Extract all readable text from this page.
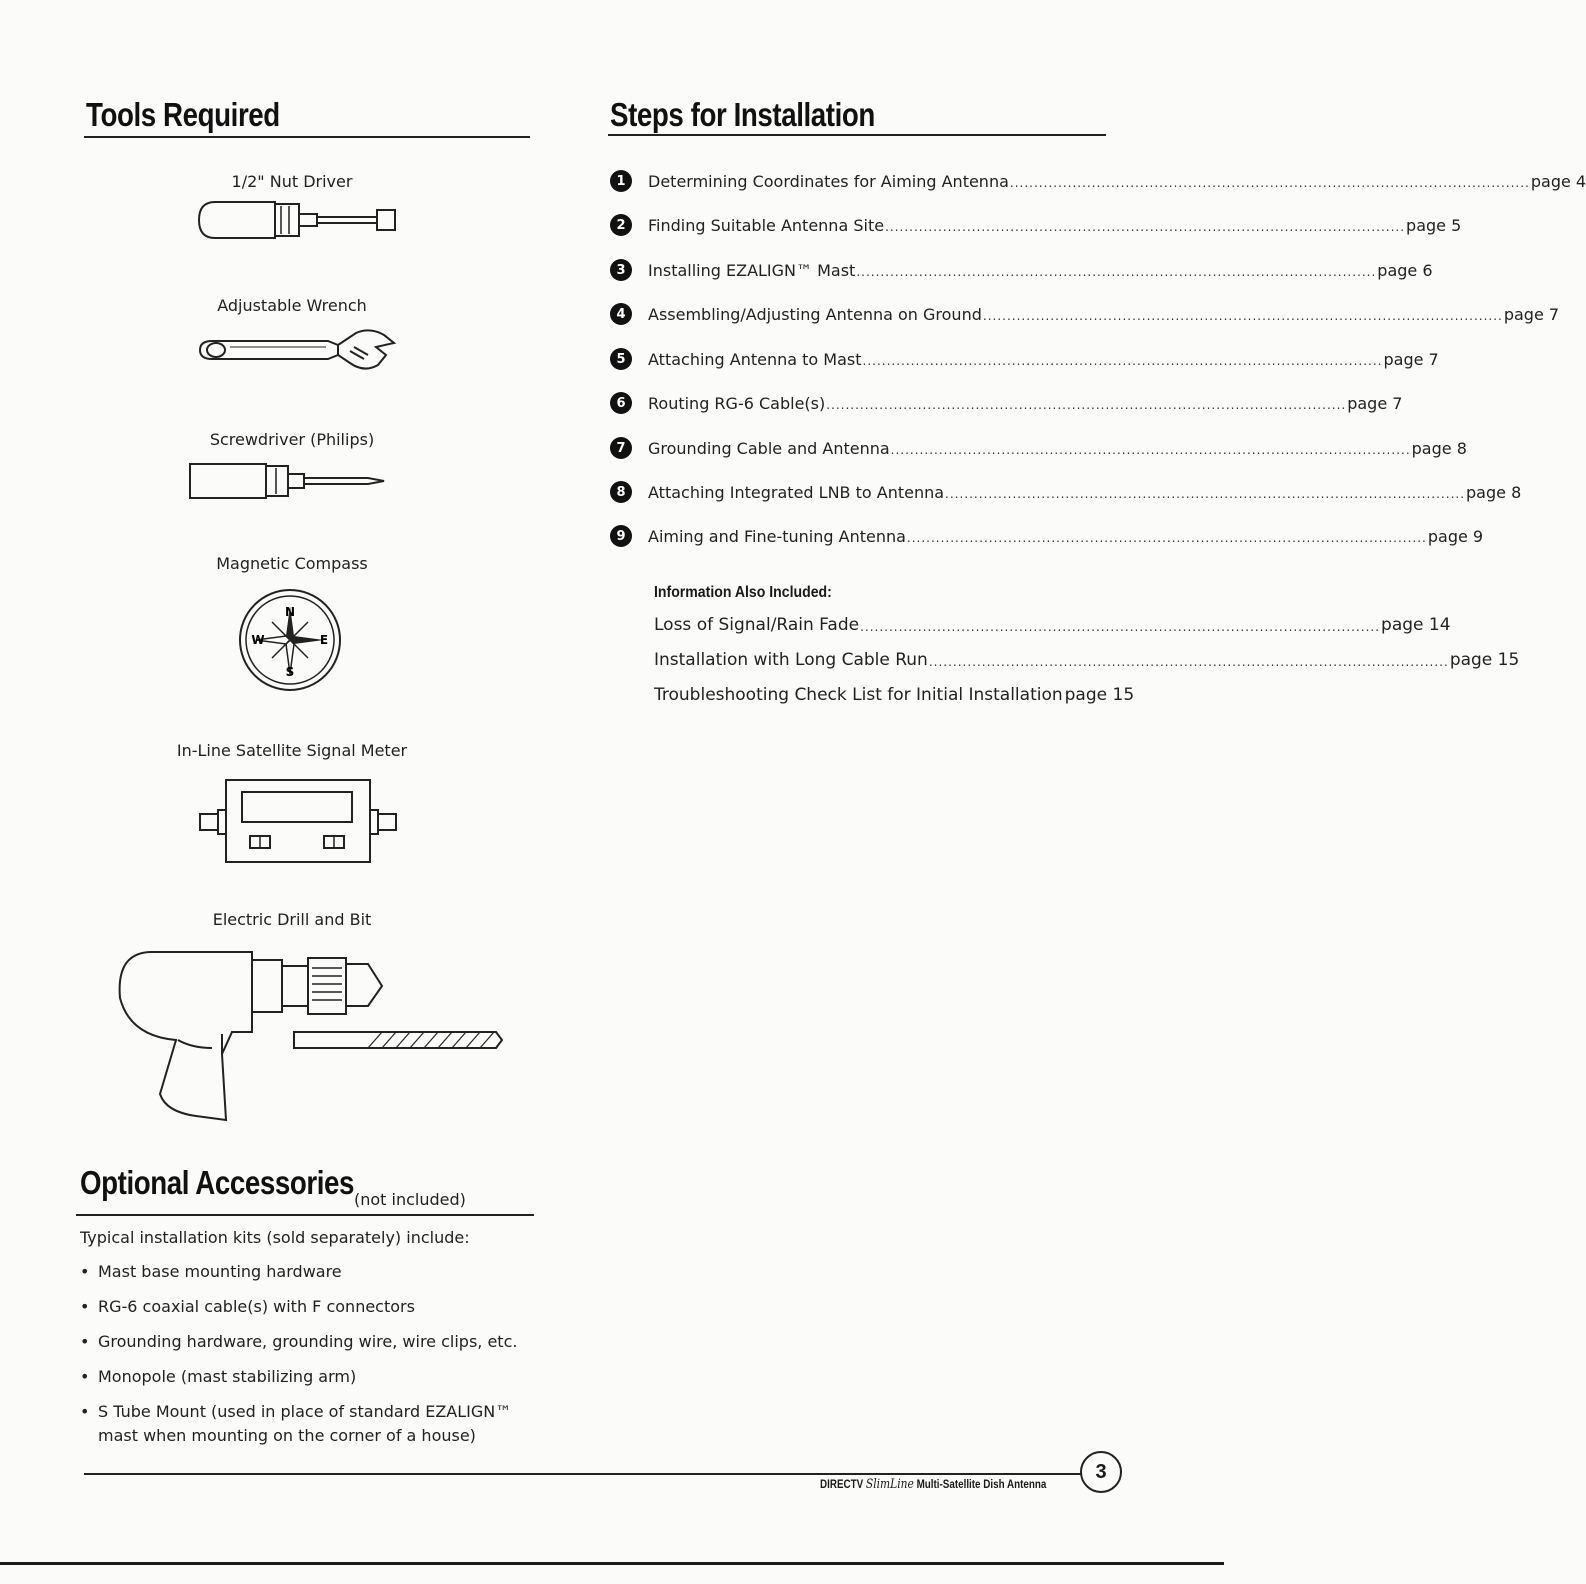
Tools Required
1/2" Nut Driver
Adjustable Wrench
Screwdriver (Philips)
Magnetic Compass
N
S
E
W
In-Line Satellite Signal Meter
Electric Drill and Bit
Steps for Installation
1	Determining Coordinates for Aiming Antenna ............................................................................................................ page 4
2	Finding Suitable Antenna Site ............................................................................................................ page 5
3	Installing EZALIGN™ Mast ............................................................................................................ page 6
4	Assembling/Adjusting Antenna on Ground ............................................................................................................ page 7
5	Attaching Antenna to Mast ............................................................................................................ page 7
6	Routing RG-6 Cable(s) ............................................................................................................ page 7
7	Grounding Cable and Antenna ............................................................................................................ page 8
8	Attaching Integrated LNB to Antenna ............................................................................................................ page 8
9	Aiming and Fine-tuning Antenna ............................................................................................................ page 9
Information Also Included:
Loss of Signal/Rain Fade ............................................................................................................ page 14
Installation with Long Cable Run ............................................................................................................ page 15
Troubleshooting Check List for Initial Installation page 15
Optional Accessories (not included)
Typical installation kits (sold separately) include:
• Mast base mounting hardware
• RG-6 coaxial cable(s) with F connectors
• Grounding hardware, grounding wire, wire clips, etc.
• Monopole (mast stabilizing arm)
• S Tube Mount (used in place of standard EZALIGN™ mast when mounting on the corner of a house)
DIRECTV SlimLine Multi-Satellite Dish Antenna
3
